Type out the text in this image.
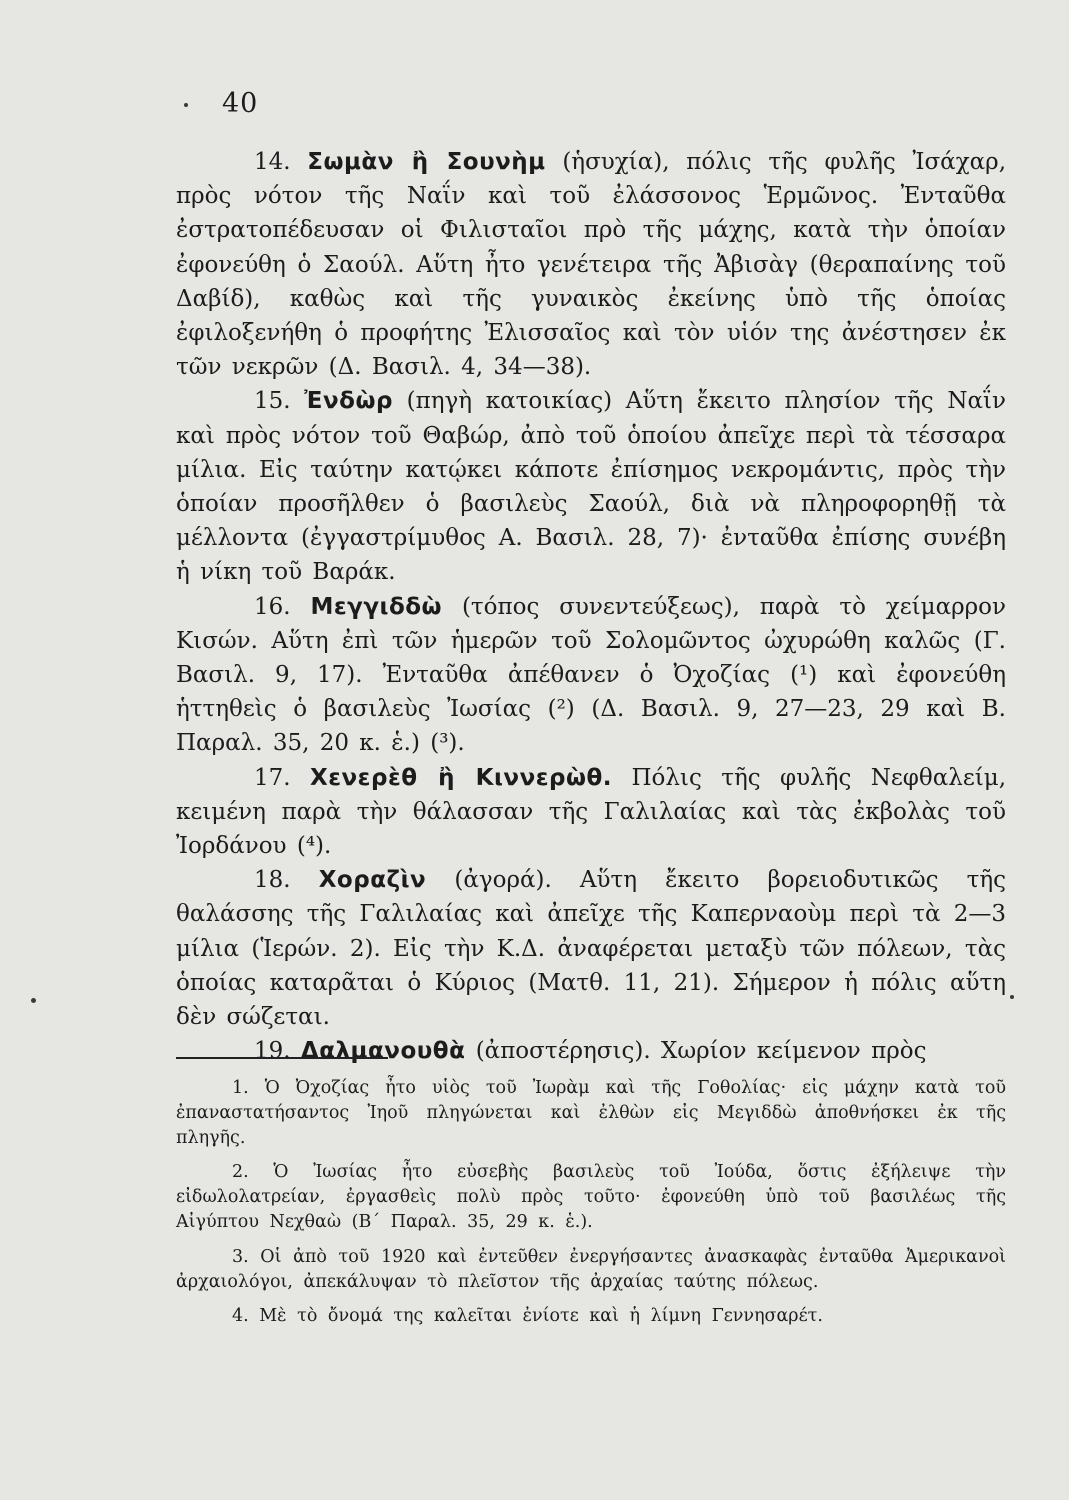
40

14. Σωμὰν ἢ Σουνὴμ (ἡσυχία), πόλις τῆς φυλῆς Ἰσάχαρ, πρὸς νότον τῆς Ναΐν καὶ τοῦ ἐλάσσονος Ἑρμῶνος. Ἐνταῦθα ἐστρατοπέδευσαν οἱ Φιλισταῖοι πρὸ τῆς μάχης, κατὰ τὴν ὁποίαν ἐφονεύθη ὁ Σαούλ. Αὕτη ἦτο γενέτειρα τῆς Ἀβισὰγ (θεραπαίνης τοῦ Δαβίδ), καθὼς καὶ τῆς γυναικὸς ἐκείνης ὑπὸ τῆς ὁποίας ἐφιλοξενήθη ὁ προφήτης Ἐλισσαῖος καὶ τὸν υἱόν της ἀνέστησεν ἐκ τῶν νεκρῶν (Δ. Βασιλ. 4, 34—38).

15. Ἐνδὼρ (πηγὴ κατοικίας) Αὕτη ἔκειτο πλησίον τῆς Ναΐν καὶ πρὸς νότον τοῦ Θαβώρ, ἀπὸ τοῦ ὁποίου ἀπεῖχε περὶ τὰ τέσσαρα μίλια. Εἰς ταύτην κατῴκει κάποτε ἐπίσημος νεκρομάντις, πρὸς τὴν ὁποίαν προσῆλθεν ὁ βασιλεὺς Σαούλ, διὰ νὰ πληροφορηθῇ τὰ μέλλοντα (ἐγγαστρίμυθος Α. Βασιλ. 28, 7)· ἐνταῦθα ἐπίσης συνέβη ἡ νίκη τοῦ Βαράκ.

16. Μεγγιδδὼ (τόπος συνεντεύξεως), παρὰ τὸ χείμαρρον Κισών. Αὕτη ἐπὶ τῶν ἡμερῶν τοῦ Σολομῶντος ὠχυρώθη καλῶς (Γ. Βασιλ. 9, 17). Ἐνταῦθα ἀπέθανεν ὁ Ὀχοζίας (¹) καὶ ἐφονεύθη ἡττηθεὶς ὁ βασιλεὺς Ἰωσίας (²) (Δ. Βασιλ. 9, 27—23, 29 καὶ Β. Παραλ. 35, 20 κ. ἑ.) (³).

17. Χενερὲθ ἢ Κιννερὼθ. Πόλις τῆς φυλῆς Νεφθαλείμ, κειμένη παρὰ τὴν θάλασσαν τῆς Γαλιλαίας καὶ τὰς ἐκβολὰς τοῦ Ἰορδάνου (⁴).

18. Χοραζὶν (ἀγορά). Αὕτη ἔκειτο βορειοδυτικῶς τῆς θαλάσσης τῆς Γαλιλαίας καὶ ἀπεῖχε τῆς Καπερναοὺμ περὶ τὰ 2—3 μίλια (Ἱερών. 2). Εἰς τὴν Κ.Δ. ἀναφέρεται μεταξὺ τῶν πόλεων, τὰς ὁποίας καταρᾶται ὁ Κύριος (Ματθ. 11, 21). Σήμερον ἡ πόλις αὕτη δὲν σώζεται.

19. Δαλμανουθὰ (ἀποστέρησις). Χωρίον κείμενον πρὸς

1. Ὁ Ὀχοζίας ἦτο υἱὸς τοῦ Ἰωρὰμ καὶ τῆς Γοθολίας· εἰς μάχην κατὰ τοῦ ἐπαναστατήσαντος Ἰηοῦ πληγώνεται καὶ ἐλθὼν εἰς Μεγιδδὼ ἀποθνήσκει ἐκ τῆς πληγῆς.

2. Ὁ Ἰωσίας ἦτο εὐσεβὴς βασιλεὺς τοῦ Ἰούδα, ὅστις ἐξήλειψε τὴν εἰδωλολατρείαν, ἐργασθεὶς πολὺ πρὸς τοῦτο· ἐφονεύθη ὑπὸ τοῦ βασιλέως τῆς Αἰγύπτου Νεχθαὼ (Β΄ Παραλ. 35, 29 κ. ἑ.).

3. Οἱ ἀπὸ τοῦ 1920 καὶ ἐντεῦθεν ἐνεργήσαντες ἀνασκαφὰς ἐνταῦθα Ἀμερικανοὶ ἀρχαιολόγοι, ἀπεκάλυψαν τὸ πλεῖστον τῆς ἀρχαίας ταύτης πόλεως.

4. Μὲ τὸ ὄνομά της καλεῖται ἐνίοτε καὶ ἡ λίμνη Γεννησαρέτ.
